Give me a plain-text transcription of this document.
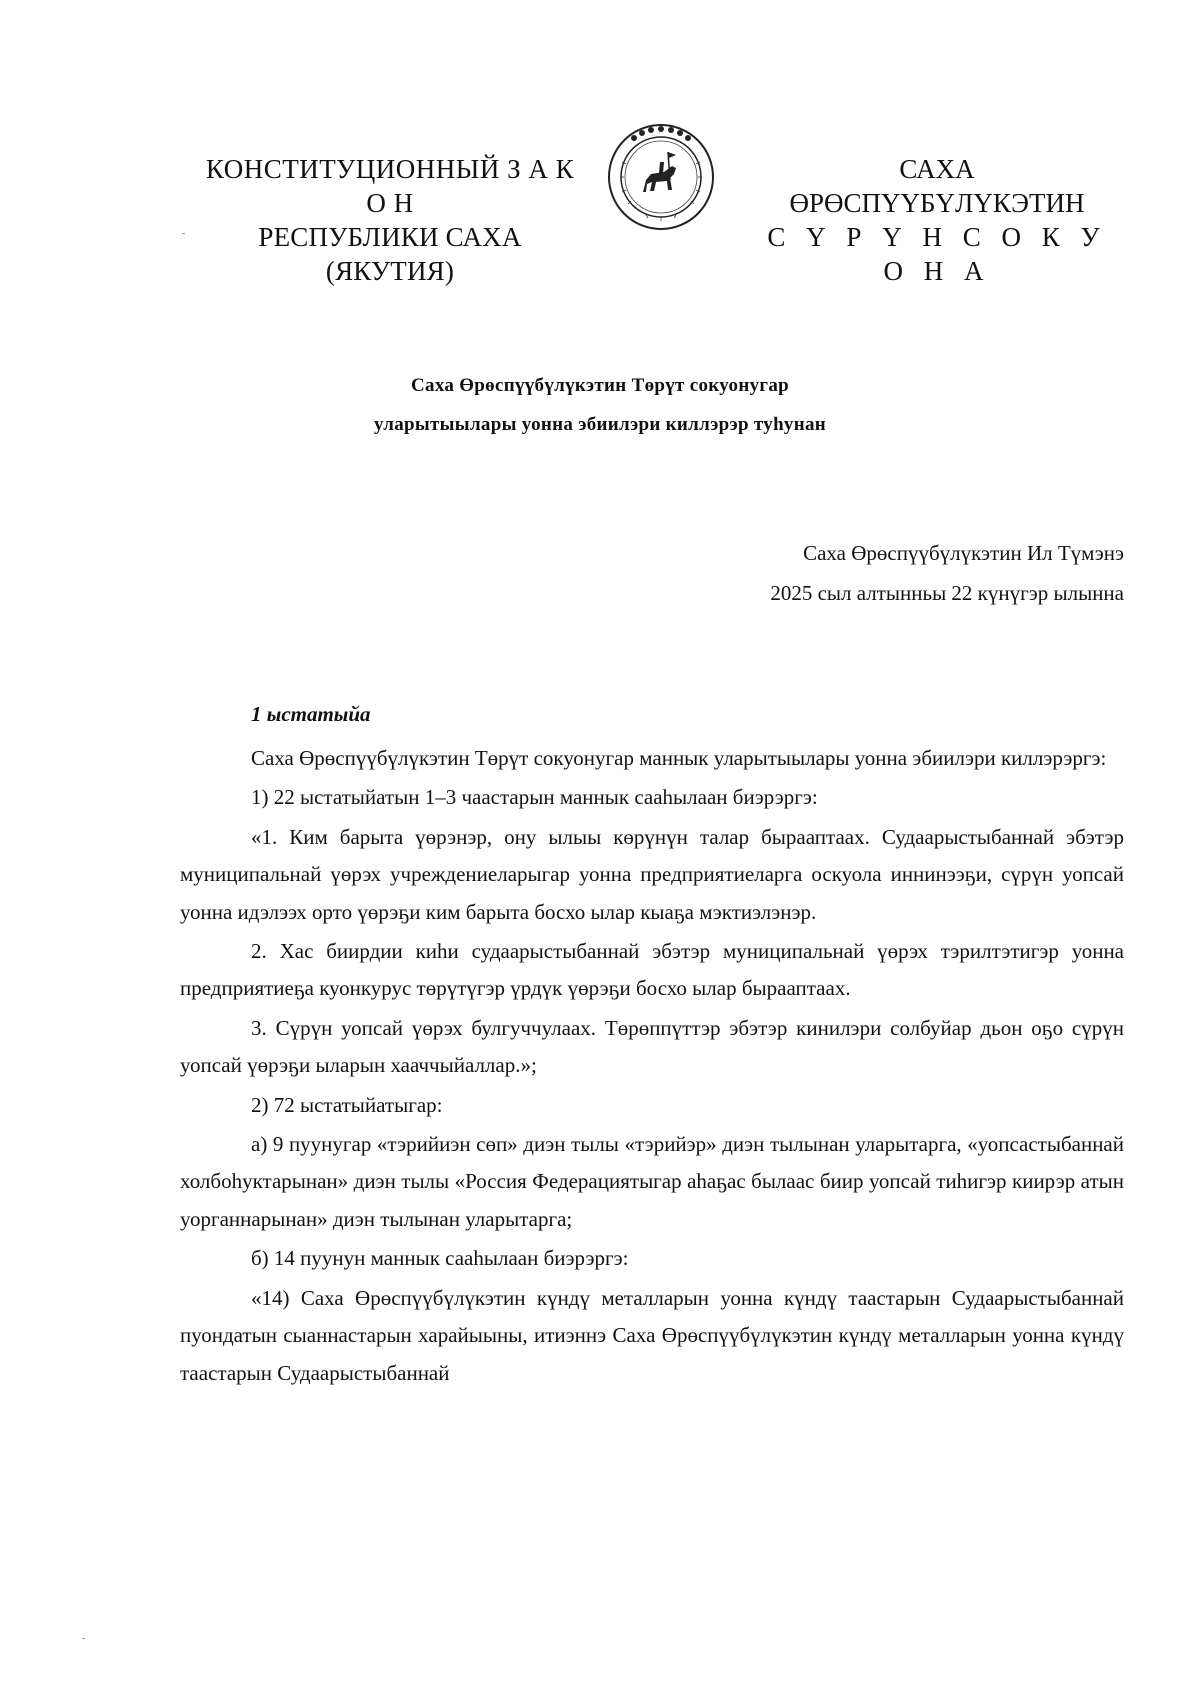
КОНСТИТУЦИОННЫЙ З А К О Н
РЕСПУБЛИКИ САХА (ЯКУТИЯ)
САХА ӨРӨСПҮҮБҮЛҮКЭТИН
С Ү Р Ү Н С О К У О Н А
Саха Өрөспүүбүлүкэтин Төрүт сокуонугар
уларытыылары уонна эбиилэри киллэрэр туһунан
Саха Өрөспүүбүлүкэтин Ил Түмэнэ
2025 сыл алтынньы 22 күнүгэр ылынна
1 ыстатыйа

Саха Өрөспүүбүлүкэтин Төрүт сокуонугар маннык уларытыылары уонна эбиилэри киллэрэргэ:

1) 22 ыстатыйатын 1–3 чаастарын маннык сааһылаан биэрэргэ:

«1. Ким барыта үөрэнэр, ону ылыы көрүнүн талар бырааптаах. Судаарыстыбаннай эбэтэр муниципальнай үөрэх учреждениеларыгар уонна предприятиеларга оскуола иннинээҕи, сүрүн уопсай уонна идэлээх орто үөрэҕи ким барыта босхо ылар кыаҕа мэктиэлэнэр.

2. Хас биирдии киһи судаарыстыбаннай эбэтэр муниципальнай үөрэх тэрилтэтигэр уонна предприятиеҕа куонкурус төрүтүгэр үрдүк үөрэҕи босхо ылар бырааптаах.

3. Сүрүн уопсай үөрэх булгуччулаах. Төрөппүттэр эбэтэр кинилэри солбуйар дьон оҕо сүрүн уопсай үөрэҕи ыларын хааччыйаллар.»;

2) 72 ыстатыйатыгар:

а) 9 пуунугар «тэрийиэн сөп» диэн тылы «тэрийэр» диэн тылынан уларытарга, «уопсастыбаннай холбоһуктарынан» диэн тылы «Россия Федерациятыгар аһаҕас былаас биир уопсай тиһигэр киирэр атын уорганнарынан» диэн тылынан уларытарга;

б) 14 пуунун маннык сааһылаан биэрэргэ:

«14) Саха Өрөспүүбүлүкэтин күндү металларын уонна күндү таастарын Судаарыстыбаннай пуондатын сыаннастарын харайыыны, итиэннэ Саха Өрөспүүбүлүкэтин күндү металларын уонна күндү таастарын Судаарыстыбаннай
